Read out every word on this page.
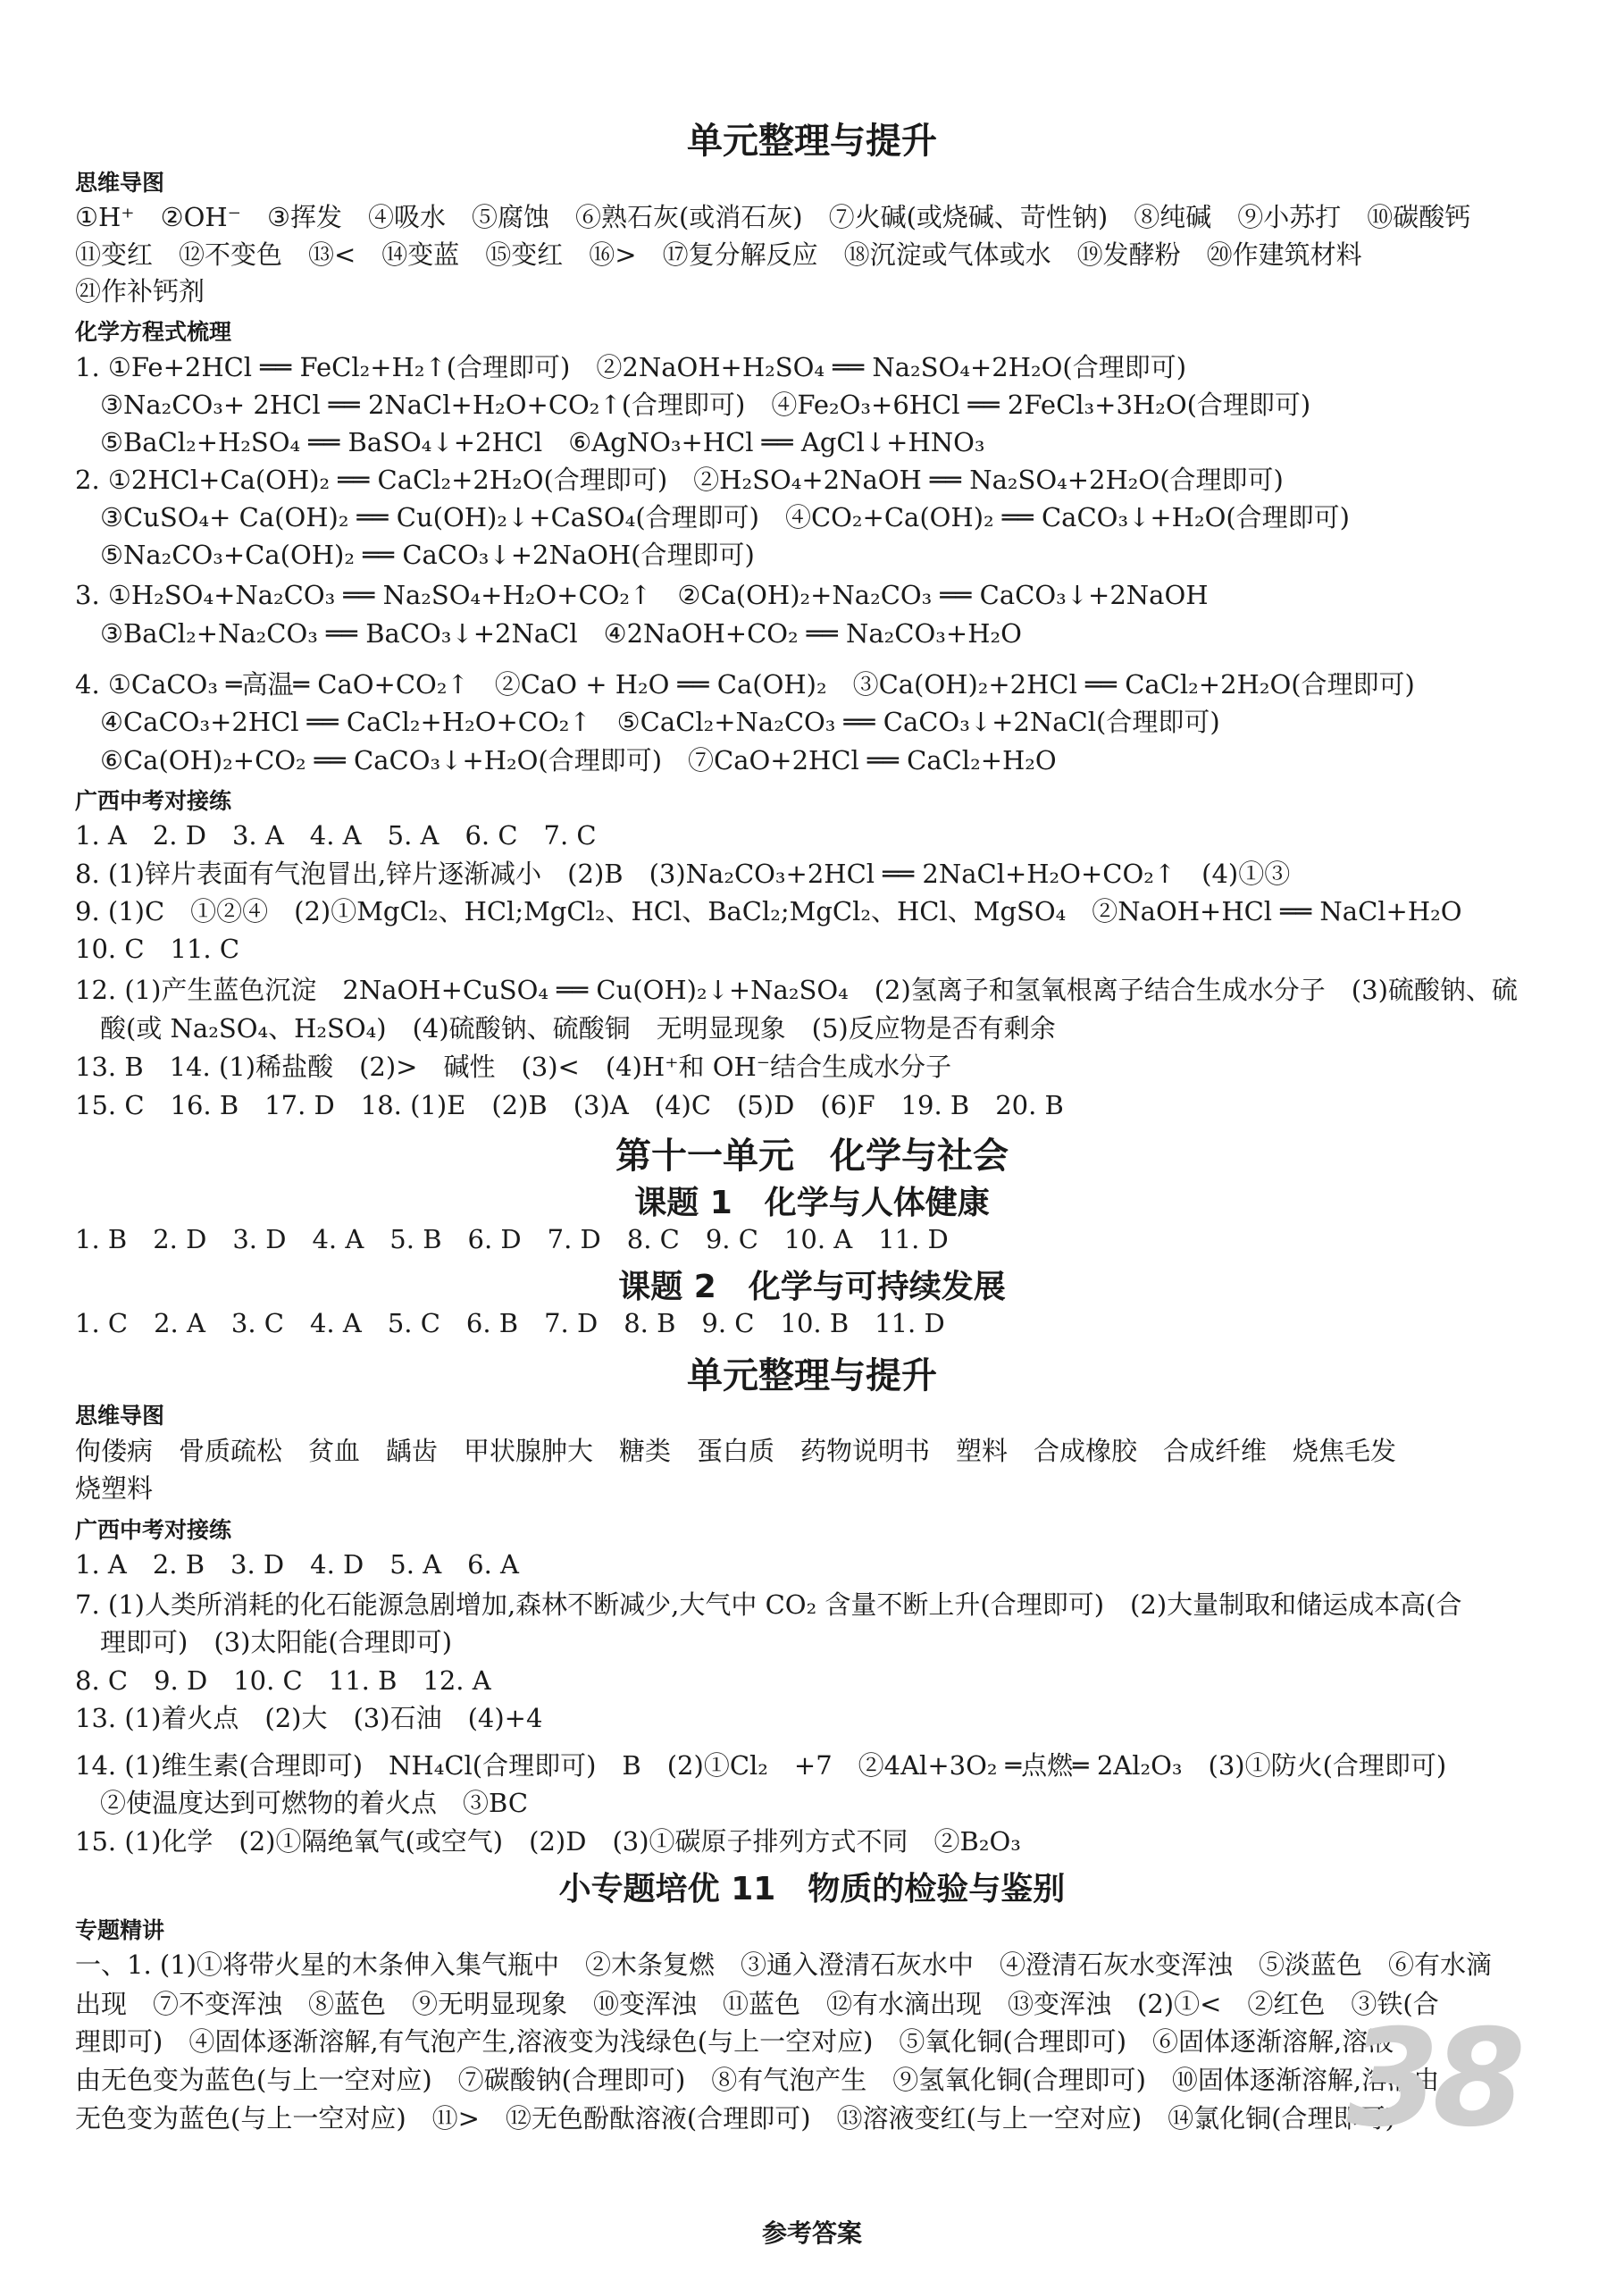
单元整理与提升
思维导图
①H⁺　②OH⁻　③挥发　④吸水　⑤腐蚀　⑥熟石灰(或消石灰)　⑦火碱(或烧碱、苛性钠)　⑧纯碱　⑨小苏打　⑩碳酸钙
⑪变红　⑫不变色　⑬<　⑭变蓝　⑮变红　⑯>　⑰复分解反应　⑱沉淀或气体或水　⑲发酵粉　⑳作建筑材料
㉑作补钙剂
化学方程式梳理
1. ①Fe+2HCl ══ FeCl₂+H₂↑(合理即可)　②2NaOH+H₂SO₄ ══ Na₂SO₄+2H₂O(合理即可)
③Na₂CO₃+ 2HCl ══ 2NaCl+H₂O+CO₂↑(合理即可)　④Fe₂O₃+6HCl ══ 2FeCl₃+3H₂O(合理即可)
⑤BaCl₂+H₂SO₄ ══ BaSO₄↓+2HCl　⑥AgNO₃+HCl ══ AgCl↓+HNO₃
2. ①2HCl+Ca(OH)₂ ══ CaCl₂+2H₂O(合理即可)　②H₂SO₄+2NaOH ══ Na₂SO₄+2H₂O(合理即可)
③CuSO₄+ Ca(OH)₂ ══ Cu(OH)₂↓+CaSO₄(合理即可)　④CO₂+Ca(OH)₂ ══ CaCO₃↓+H₂O(合理即可)
⑤Na₂CO₃+Ca(OH)₂ ══ CaCO₃↓+2NaOH(合理即可)
3. ①H₂SO₄+Na₂CO₃ ══ Na₂SO₄+H₂O+CO₂↑　②Ca(OH)₂+Na₂CO₃ ══ CaCO₃↓+2NaOH
③BaCl₂+Na₂CO₃ ══ BaCO₃↓+2NaCl　④2NaOH+CO₂ ══ Na₂CO₃+H₂O
4. ①CaCO₃ ═高温═ CaO+CO₂↑　②CaO + H₂O ══ Ca(OH)₂　③Ca(OH)₂+2HCl ══ CaCl₂+2H₂O(合理即可)
④CaCO₃+2HCl ══ CaCl₂+H₂O+CO₂↑　⑤CaCl₂+Na₂CO₃ ══ CaCO₃↓+2NaCl(合理即可)
⑥Ca(OH)₂+CO₂ ══ CaCO₃↓+H₂O(合理即可)　⑦CaO+2HCl ══ CaCl₂+H₂O
广西中考对接练
1. A　2. D　3. A　4. A　5. A　6. C　7. C
8. (1)锌片表面有气泡冒出,锌片逐渐减小　(2)B　(3)Na₂CO₃+2HCl ══ 2NaCl+H₂O+CO₂↑　(4)①③
9. (1)C　①②④　(2)①MgCl₂、HCl;MgCl₂、HCl、BaCl₂;MgCl₂、HCl、MgSO₄　②NaOH+HCl ══ NaCl+H₂O
10. C　11. C
12. (1)产生蓝色沉淀　2NaOH+CuSO₄ ══ Cu(OH)₂↓+Na₂SO₄　(2)氢离子和氢氧根离子结合生成水分子　(3)硫酸钠、硫
酸(或 Na₂SO₄、H₂SO₄)　(4)硫酸钠、硫酸铜　无明显现象　(5)反应物是否有剩余
13. B　14. (1)稀盐酸　(2)>　碱性　(3)<　(4)H⁺和 OH⁻结合生成水分子
15. C　16. B　17. D　18. (1)E　(2)B　(3)A　(4)C　(5)D　(6)F　19. B　20. B
第十一单元　化学与社会
课题 1　化学与人体健康
1. B　2. D　3. D　4. A　5. B　6. D　7. D　8. C　9. C　10. A　11. D
课题 2　化学与可持续发展
1. C　2. A　3. C　4. A　5. C　6. B　7. D　8. B　9. C　10. B　11. D
单元整理与提升
思维导图
佝偻病　骨质疏松　贫血　龋齿　甲状腺肿大　糖类　蛋白质　药物说明书　塑料　合成橡胶　合成纤维　烧焦毛发
烧塑料
广西中考对接练
1. A　2. B　3. D　4. D　5. A　6. A
7. (1)人类所消耗的化石能源急剧增加,森林不断减少,大气中 CO₂ 含量不断上升(合理即可)　(2)大量制取和储运成本高(合
理即可)　(3)太阳能(合理即可)
8. C　9. D　10. C　11. B　12. A
13. (1)着火点　(2)大　(3)石油　(4)+4
14. (1)维生素(合理即可)　NH₄Cl(合理即可)　B　(2)①Cl₂　+7　②4Al+3O₂ ═点燃═ 2Al₂O₃　(3)①防火(合理即可)
②使温度达到可燃物的着火点　③BC
15. (1)化学　(2)①隔绝氧气(或空气)　(2)D　(3)①碳原子排列方式不同　②B₂O₃
小专题培优 11　物质的检验与鉴别
专题精讲
一、1. (1)①将带火星的木条伸入集气瓶中　②木条复燃　③通入澄清石灰水中　④澄清石灰水变浑浊　⑤淡蓝色　⑥有水滴
出现　⑦不变浑浊　⑧蓝色　⑨无明显现象　⑩变浑浊　⑪蓝色　⑫有水滴出现　⑬变浑浊　(2)①<　②红色　③铁(合
理即可)　④固体逐渐溶解,有气泡产生,溶液变为浅绿色(与上一空对应)　⑤氧化铜(合理即可)　⑥固体逐渐溶解,溶液
由无色变为蓝色(与上一空对应)　⑦碳酸钠(合理即可)　⑧有气泡产生　⑨氢氧化铜(合理即可)　⑩固体逐渐溶解,溶液由
无色变为蓝色(与上一空对应)　⑪>　⑫无色酚酞溶液(合理即可)　⑬溶液变红(与上一空对应)　⑭氯化铜(合理即可)
38
参考答案
